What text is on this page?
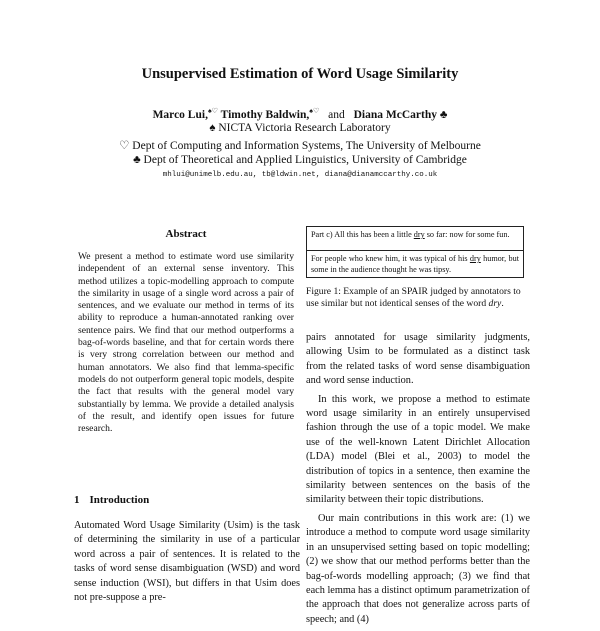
Unsupervised Estimation of Word Usage Similarity
Marco Lui,♠♡ Timothy Baldwin,♠♡ and Diana McCarthy ♣
♠ NICTA Victoria Research Laboratory
♡ Dept of Computing and Information Systems, The University of Melbourne
♣ Dept of Theoretical and Applied Linguistics, University of Cambridge
mhlui@unimelb.edu.au, tb@ldwin.net, diana@dianamccarthy.co.uk
Abstract
We present a method to estimate word use similarity independent of an external sense inventory. This method utilizes a topic-modelling approach to compute the similarity in usage of a single word across a pair of sentences, and we evaluate our method in terms of its ability to reproduce a human-annotated ranking over sentence pairs. We find that our method outperforms a bag-of-words baseline, and that for certain words there is very strong correlation between our method and human annotators. We also find that lemma-specific models do not outperform general topic models, despite the fact that results with the general model vary substantially by lemma. We provide a detailed analysis of the result, and identify open issues for future research.
1 Introduction
Automated Word Usage Similarity (Usim) is the task of determining the similarity in use of a particular word across a pair of sentences. It is related to the tasks of word sense disambiguation (WSD) and word sense induction (WSI), but differs in that Usim does not pre-suppose a pre-
Part c) All this has been a little dry so far: now for some fun.
For people who knew him, it was typical of his dry humor, but some in the audience thought he was tipsy.
Figure 1: Example of an SPAIR judged by annotators to use similar but not identical senses of the word dry.

pairs annotated for usage similarity judgments, allowing Usim to be formulated as a distinct task from the related tasks of word sense disambiguation and word sense induction.

In this work, we propose a method to estimate word usage similarity in an entirely unsupervised fashion through the use of a topic model. We make use of the well-known Latent Dirichlet Allocation (LDA) model (Blei et al., 2003) to model the distribution of topics in a sentence, then examine the similarity between sentences on the basis of the similarity between their topic distributions.

Our main contributions in this work are: (1) we introduce a method to compute word usage similarity in an unsupervised setting based on topic modelling; (2) we show that our method performs better than the bag-of-words modelling approach; (3) we find that each lemma has a distinct optimum parametrization of the approach that does not generalize across parts of speech; and (4)
